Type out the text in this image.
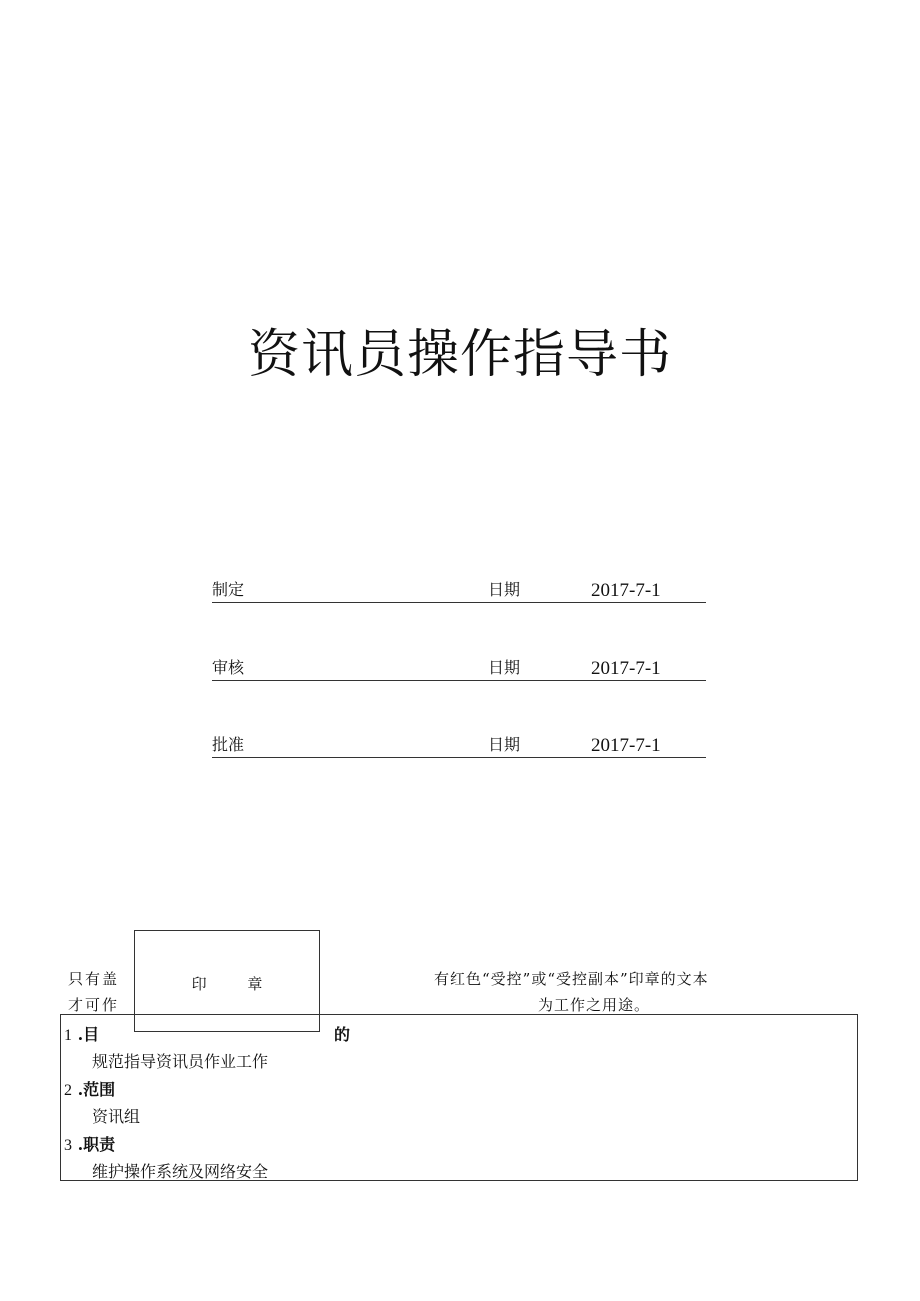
资讯员操作指导书
制定	日期	2017-7-1
审核	日期	2017-7-1
批准	日期	2017-7-1
只有盖
才可作
印 章	有红色“受控”或“受控副本”印章的文本
为工作之用途。
1 .目	的
规范指导资讯员作业工作
2 .范围
资讯组
3 .职责
维护操作系统及网络安全
